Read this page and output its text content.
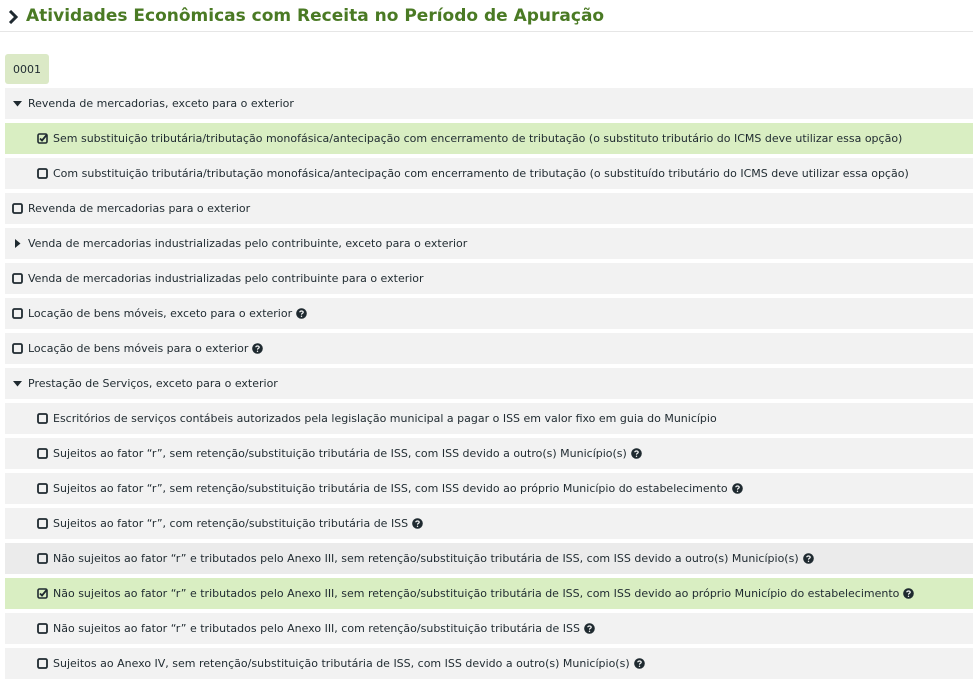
Atividades Econômicas com Receita no Período de Apuração
0001
Revenda de mercadorias, exceto para o exterior
Sem substituição tributária/tributação monofásica/antecipação com encerramento de tributação (o substituto tributário do ICMS deve utilizar essa opção)
Com substituição tributária/tributação monofásica/antecipação com encerramento de tributação (o substituído tributário do ICMS deve utilizar essa opção)
Revenda de mercadorias para o exterior
Venda de mercadorias industrializadas pelo contribuinte, exceto para o exterior
Venda de mercadorias industrializadas pelo contribuinte para o exterior
Locação de bens móveis, exceto para o exterior
Locação de bens móveis para o exterior
Prestação de Serviços, exceto para o exterior
Escritórios de serviços contábeis autorizados pela legislação municipal a pagar o ISS em valor fixo em guia do Município
Sujeitos ao fator “r”, sem retenção/substituição tributária de ISS, com ISS devido a outro(s) Município(s)
Sujeitos ao fator “r”, sem retenção/substituição tributária de ISS, com ISS devido ao próprio Município do estabelecimento
Sujeitos ao fator “r”, com retenção/substituição tributária de ISS
Não sujeitos ao fator “r” e tributados pelo Anexo III, sem retenção/substituição tributária de ISS, com ISS devido a outro(s) Município(s)
Não sujeitos ao fator “r” e tributados pelo Anexo III, sem retenção/substituição tributária de ISS, com ISS devido ao próprio Município do estabelecimento
Não sujeitos ao fator “r” e tributados pelo Anexo III, com retenção/substituição tributária de ISS
Sujeitos ao Anexo IV, sem retenção/substituição tributária de ISS, com ISS devido a outro(s) Município(s)
